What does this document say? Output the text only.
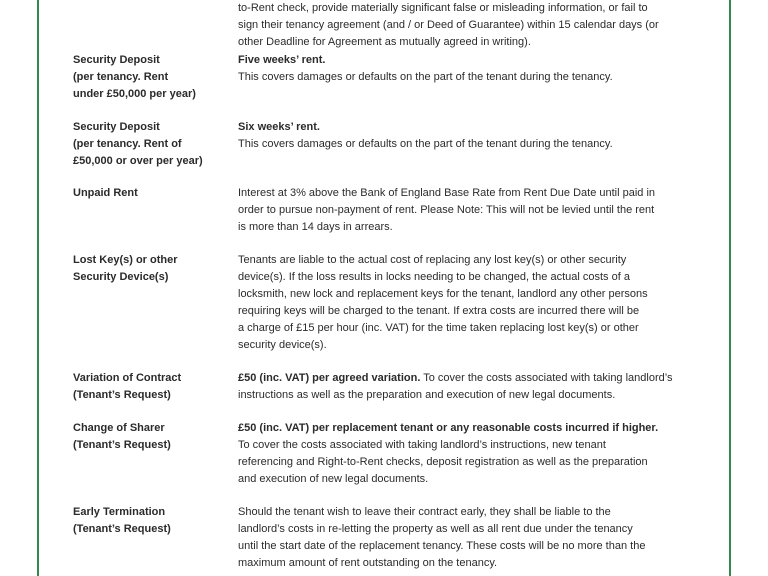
to-Rent check, provide materially significant false or misleading information, or fail to
sign their tenancy agreement (and / or Deed of Guarantee) within 15 calendar days (or
other Deadline for Agreement as mutually agreed in writing).
Security Deposit
(per tenancy. Rent
under £50,000 per year)
Five weeks’ rent.
This covers damages or defaults on the part of the tenant during the tenancy.
Security Deposit
(per tenancy. Rent of
£50,000 or over per year)
Six weeks’ rent.
This covers damages or defaults on the part of the tenant during the tenancy.
Unpaid Rent	Interest at 3% above the Bank of England Base Rate from Rent Due Date until paid in
order to pursue non-payment of rent. Please Note: This will not be levied until the rent
is more than 14 days in arrears.
Lost Key(s) or other
Security Device(s)
Tenants are liable to the actual cost of replacing any lost key(s) or other security
device(s). If the loss results in locks needing to be changed, the actual costs of a
locksmith, new lock and replacement keys for the tenant, landlord any other persons
requiring keys will be charged to the tenant. If extra costs are incurred there will be
a charge of £15 per hour (inc. VAT) for the time taken replacing lost key(s) or other
security device(s).
Variation of Contract
(Tenant’s Request)
£50 (inc. VAT) per agreed variation. To cover the costs associated with taking landlord’s
instructions as well as the preparation and execution of new legal documents.
Change of Sharer
(Tenant’s Request)
£50 (inc. VAT) per replacement tenant or any reasonable costs incurred if higher.
To cover the costs associated with taking landlord’s instructions, new tenant
referencing and Right-to-Rent checks, deposit registration as well as the preparation
and execution of new legal documents.
Early Termination
(Tenant’s Request)
Should the tenant wish to leave their contract early, they shall be liable to the
landlord’s costs in re-letting the property as well as all rent due under the tenancy
until the start date of the replacement tenancy. These costs will be no more than the
maximum amount of rent outstanding on the tenancy.
